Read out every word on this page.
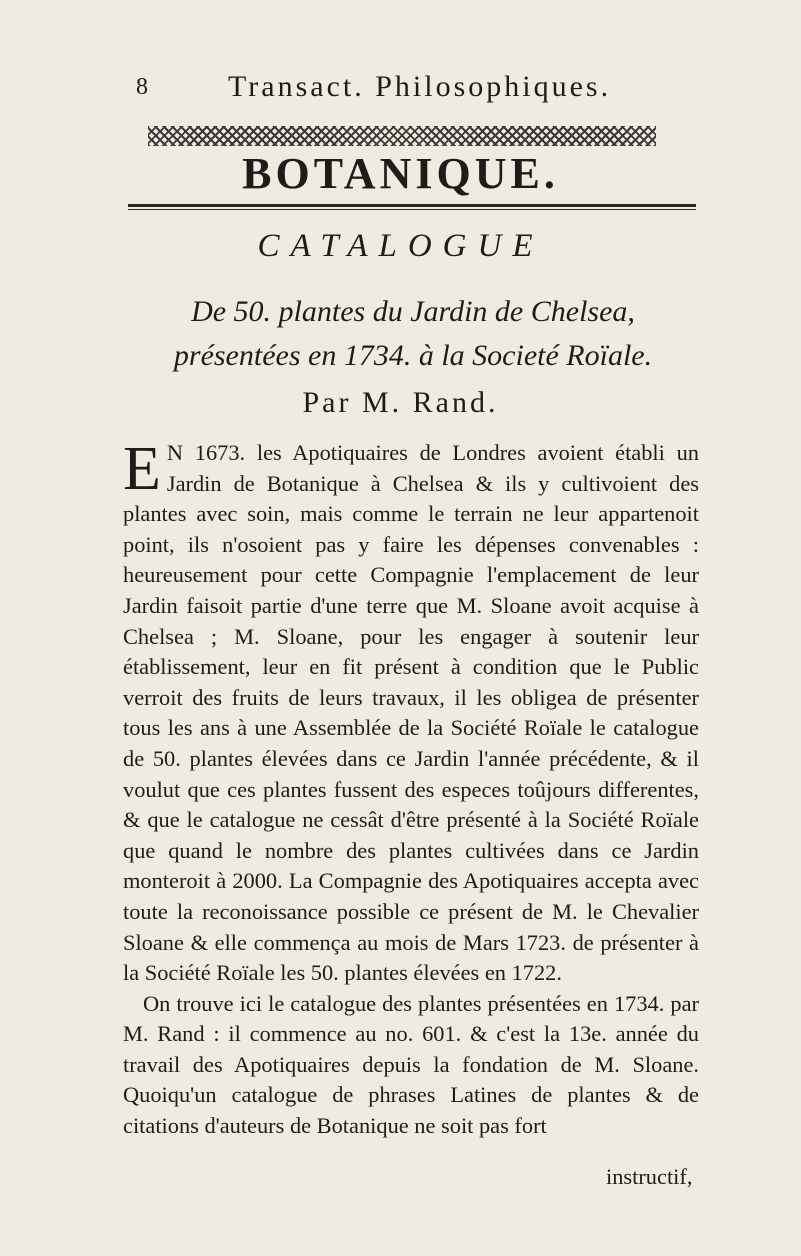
8	Transact. Philosophiques.
BOTANIQUE.
CATALOGUE
De 50. plantes du Jardin de Chelsea, présentées en 1734. à la Societé Roïale.
Par M. Rand.

E N 1673. les Apotiquaires de Londres avoient établi un Jardin de Botanique à Chelsea & ils y cultivoient des plantes avec soin, mais comme le terrain ne leur appartenoit point, ils n'osoient pas y faire les dépenses convenables : heureusement pour cette Compagnie l'emplacement de leur Jardin faisoit partie d'une terre que M. Sloane avoit acquise à Chelsea ; M. Sloane, pour les engager à soutenir leur établissement, leur en fit présent à condition que le Public verroit des fruits de leurs travaux, il les obligea de présenter tous les ans à une Assemblée de la Société Roïale le catalogue de 50. plantes élevées dans ce Jardin l'année précédente, & il voulut que ces plantes fussent des especes toûjours differentes, & que le catalogue ne cessât d'être présenté à la Société Roïale que quand le nombre des plantes cultivées dans ce Jardin monteroit à 2000. La Compagnie des Apotiquaires accepta avec toute la reconoissance possible ce présent de M. le Chevalier Sloane & elle commença au mois de Mars 1723. de présenter à la Société Roïale les 50. plantes élevées en 1722.

On trouve ici le catalogue des plantes présentées en 1734. par M. Rand : il commence au no. 601. & c'est la 13e. année du travail des Apotiquaires depuis la fondation de M. Sloane. Quoiqu'un catalogue de phrases Latines de plantes & de citations d'auteurs de Botanique ne soit pas fort

instructif,
